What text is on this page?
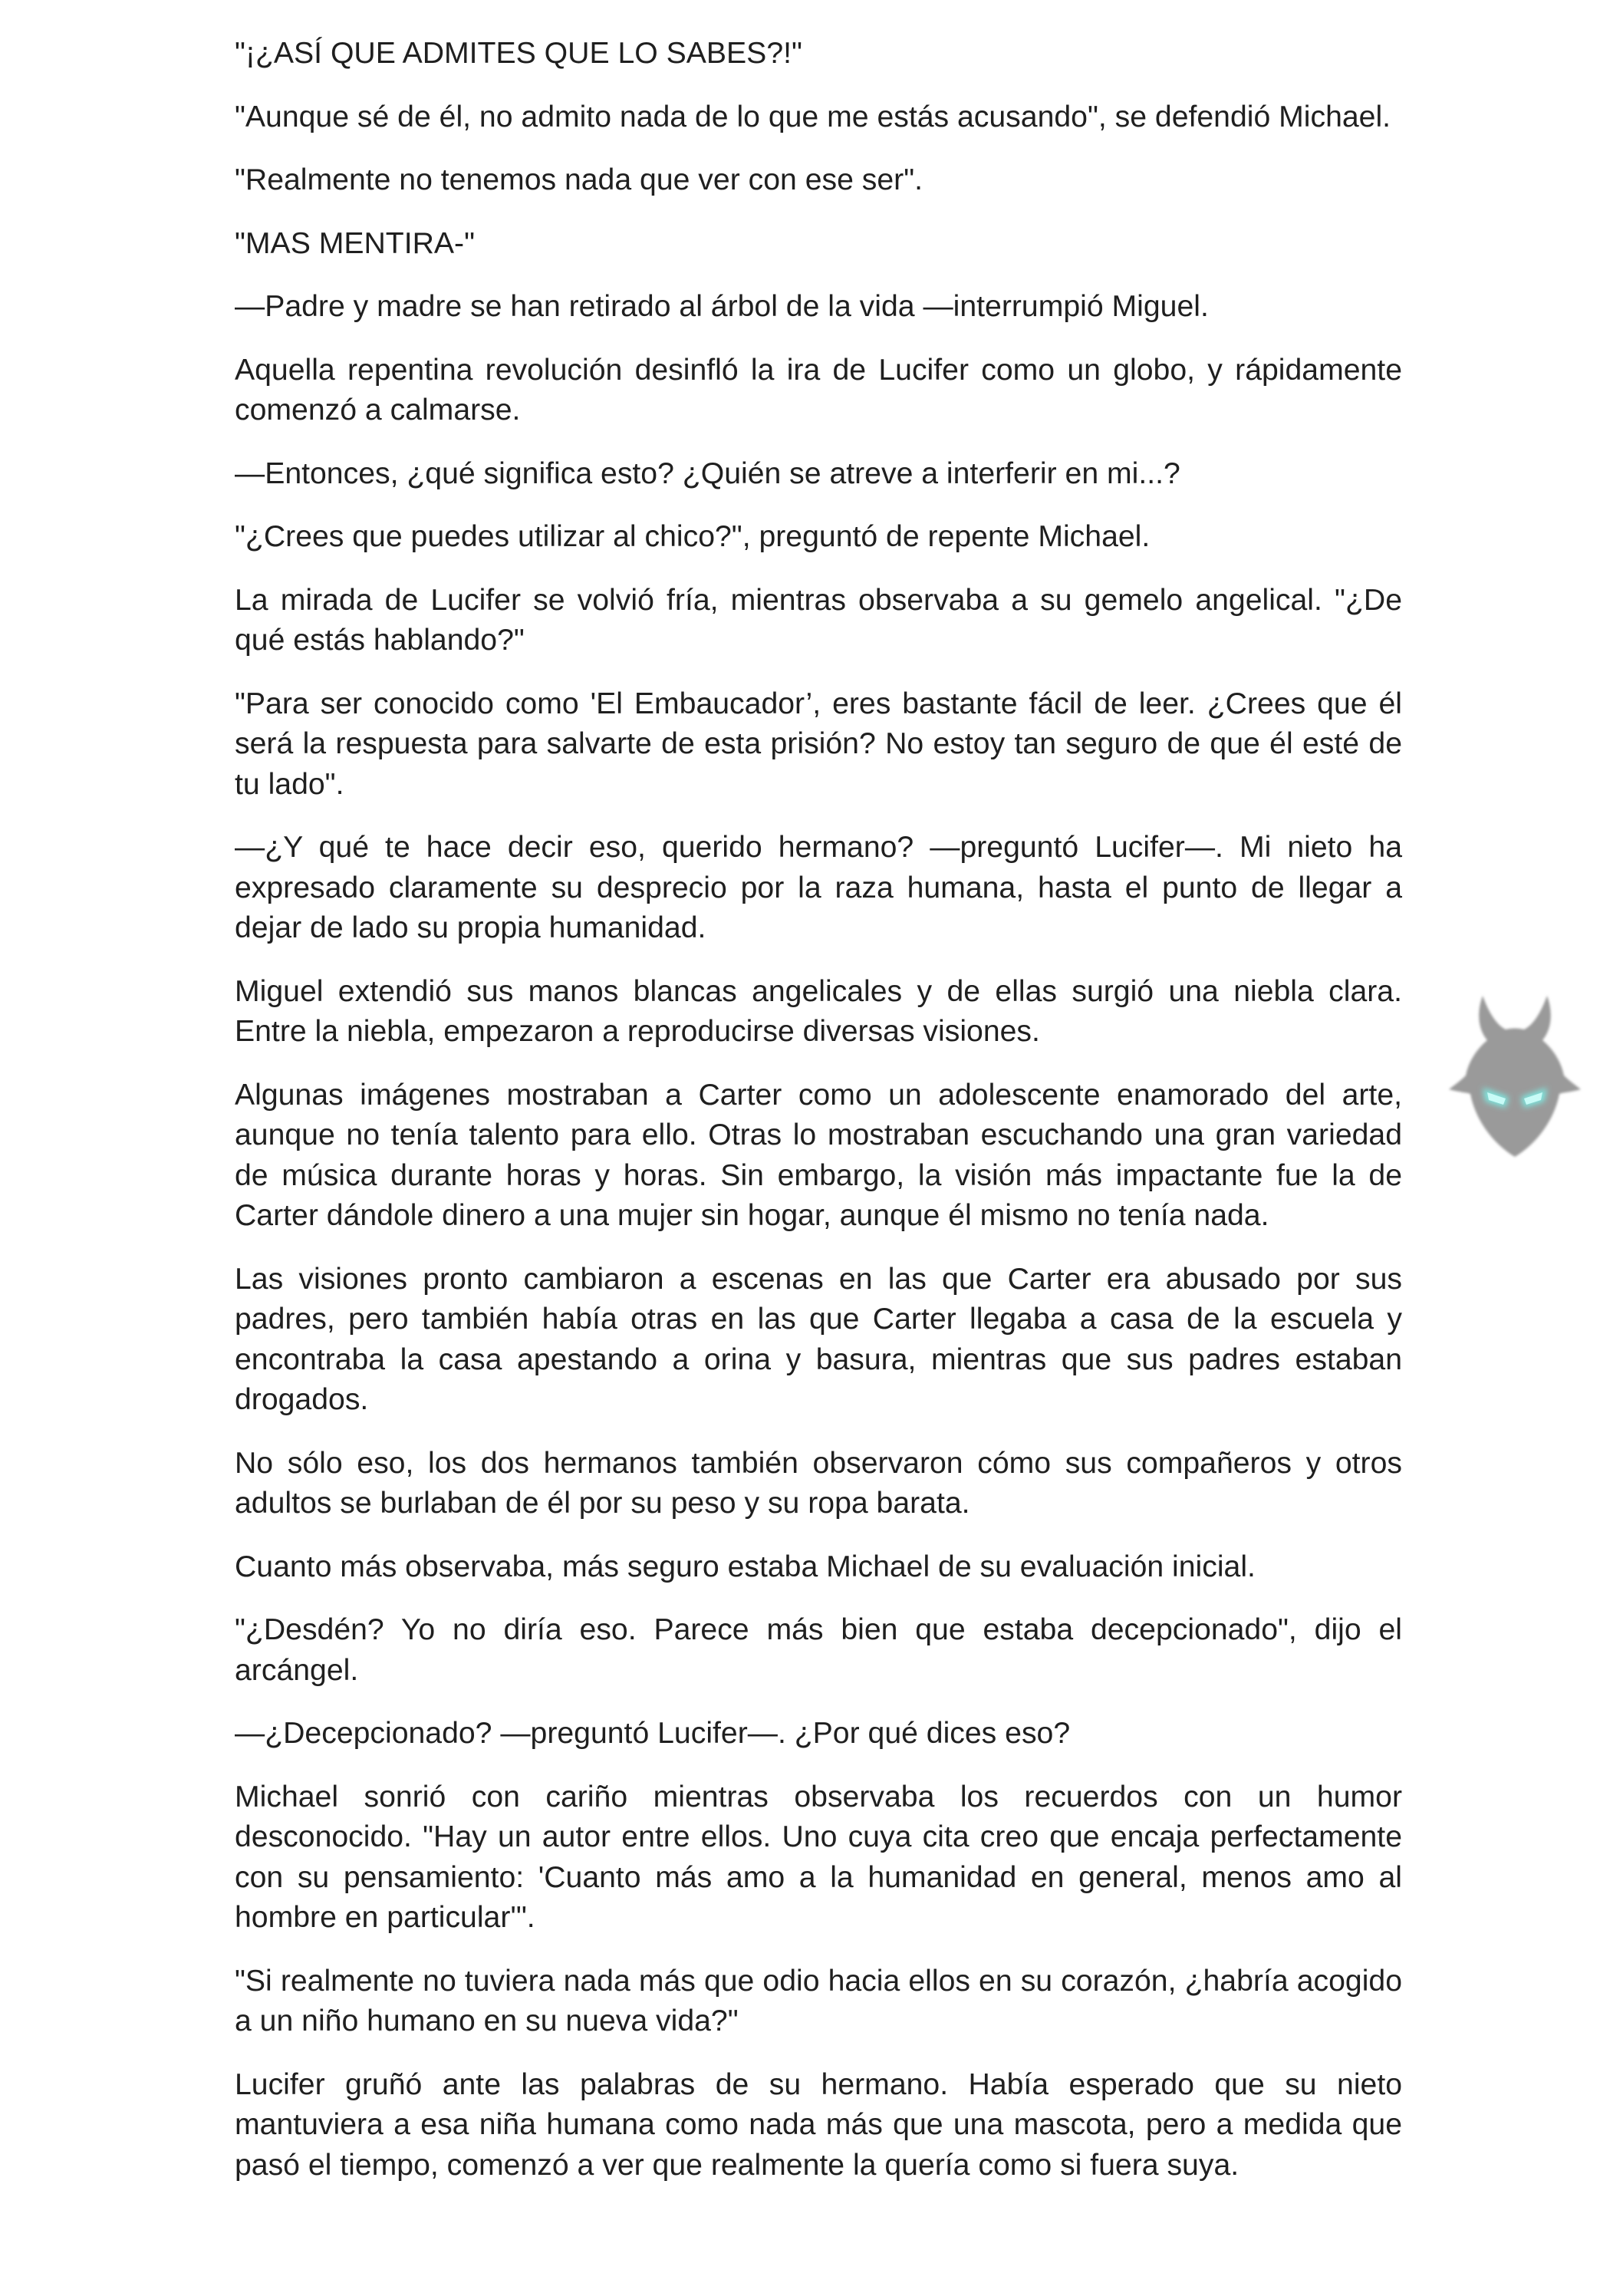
"¡¿ASÍ QUE ADMITES QUE LO SABES?!"

"Aunque sé de él, no admito nada de lo que me estás acusando", se defendió Michael.

"Realmente no tenemos nada que ver con ese ser".

"MAS MENTIRA-"

—Padre y madre se han retirado al árbol de la vida —interrumpió Miguel.

Aquella repentina revolución desinfló la ira de Lucifer como un globo, y rápidamente comenzó a calmarse.

—Entonces, ¿qué significa esto? ¿Quién se atreve a interferir en mi...?

"¿Crees que puedes utilizar al chico?", preguntó de repente Michael.

La mirada de Lucifer se volvió fría, mientras observaba a su gemelo angelical. "¿De qué estás hablando?"

"Para ser conocido como 'El Embaucador’, eres bastante fácil de leer. ¿Crees que él será la respuesta para salvarte de esta prisión? No estoy tan seguro de que él esté de tu lado".

—¿Y qué te hace decir eso, querido hermano? —preguntó Lucifer—. Mi nieto ha expresado claramente su desprecio por la raza humana, hasta el punto de llegar a dejar de lado su propia humanidad.

Miguel extendió sus manos blancas angelicales y de ellas surgió una niebla clara. Entre la niebla, empezaron a reproducirse diversas visiones.

Algunas imágenes mostraban a Carter como un adolescente enamorado del arte, aunque no tenía talento para ello. Otras lo mostraban escuchando una gran variedad de música durante horas y horas. Sin embargo, la visión más impactante fue la de Carter dándole dinero a una mujer sin hogar, aunque él mismo no tenía nada.

Las visiones pronto cambiaron a escenas en las que Carter era abusado por sus padres, pero también había otras en las que Carter llegaba a casa de la escuela y encontraba la casa apestando a orina y basura, mientras que sus padres estaban drogados.

No sólo eso, los dos hermanos también observaron cómo sus compañeros y otros adultos se burlaban de él por su peso y su ropa barata.

Cuanto más observaba, más seguro estaba Michael de su evaluación inicial.

"¿Desdén? Yo no diría eso. Parece más bien que estaba decepcionado", dijo el arcángel.

—¿Decepcionado? —preguntó Lucifer—. ¿Por qué dices eso?

Michael sonrió con cariño mientras observaba los recuerdos con un humor desconocido. "Hay un autor entre ellos. Uno cuya cita creo que encaja perfectamente con su pensamiento: 'Cuanto más amo a la humanidad en general, menos amo al hombre en particular'".

"Si realmente no tuviera nada más que odio hacia ellos en su corazón, ¿habría acogido a un niño humano en su nueva vida?"

Lucifer gruñó ante las palabras de su hermano. Había esperado que su nieto mantuviera a esa niña humana como nada más que una mascota, pero a medida que pasó el tiempo, comenzó a ver que realmente la quería como si fuera suya.
